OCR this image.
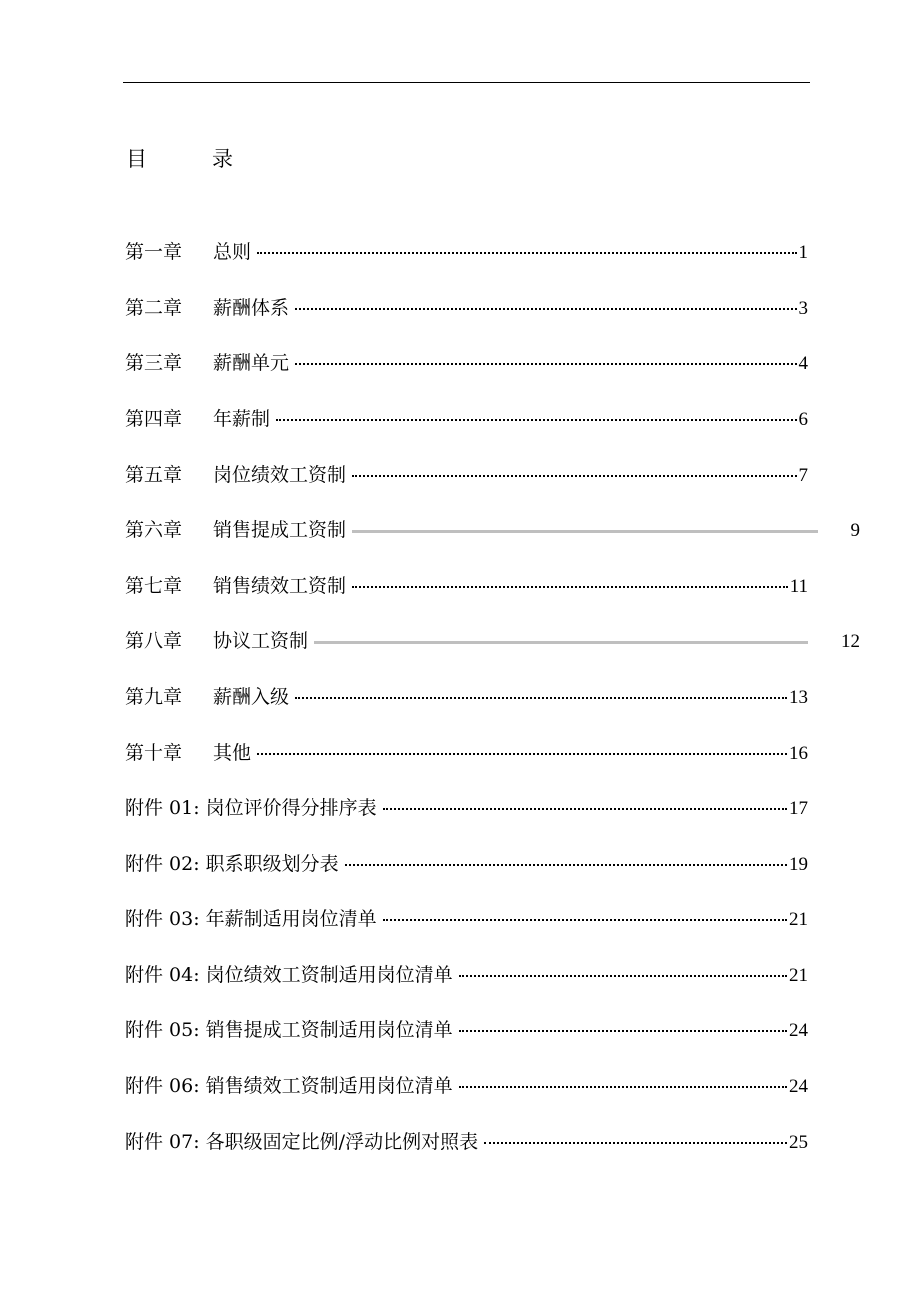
目　录
第一章 总则	1
第二章 薪酬体系	3
第三章 薪酬单元	4
第四章 年薪制	6
第五章 岗位绩效工资制	7
第六章 销售提成工资制	9
第七章 销售绩效工资制	11
第八章 协议工资制	12
第九章 薪酬入级	13
第十章 其他	16
附件 01: 岗位评价得分排序表	17
附件 02: 职系职级划分表	19
附件 03: 年薪制适用岗位清单	21
附件 04: 岗位绩效工资制适用岗位清单	21
附件 05: 销售提成工资制适用岗位清单	24
附件 06: 销售绩效工资制适用岗位清单	24
附件 07: 各职级固定比例/浮动比例对照表	25
